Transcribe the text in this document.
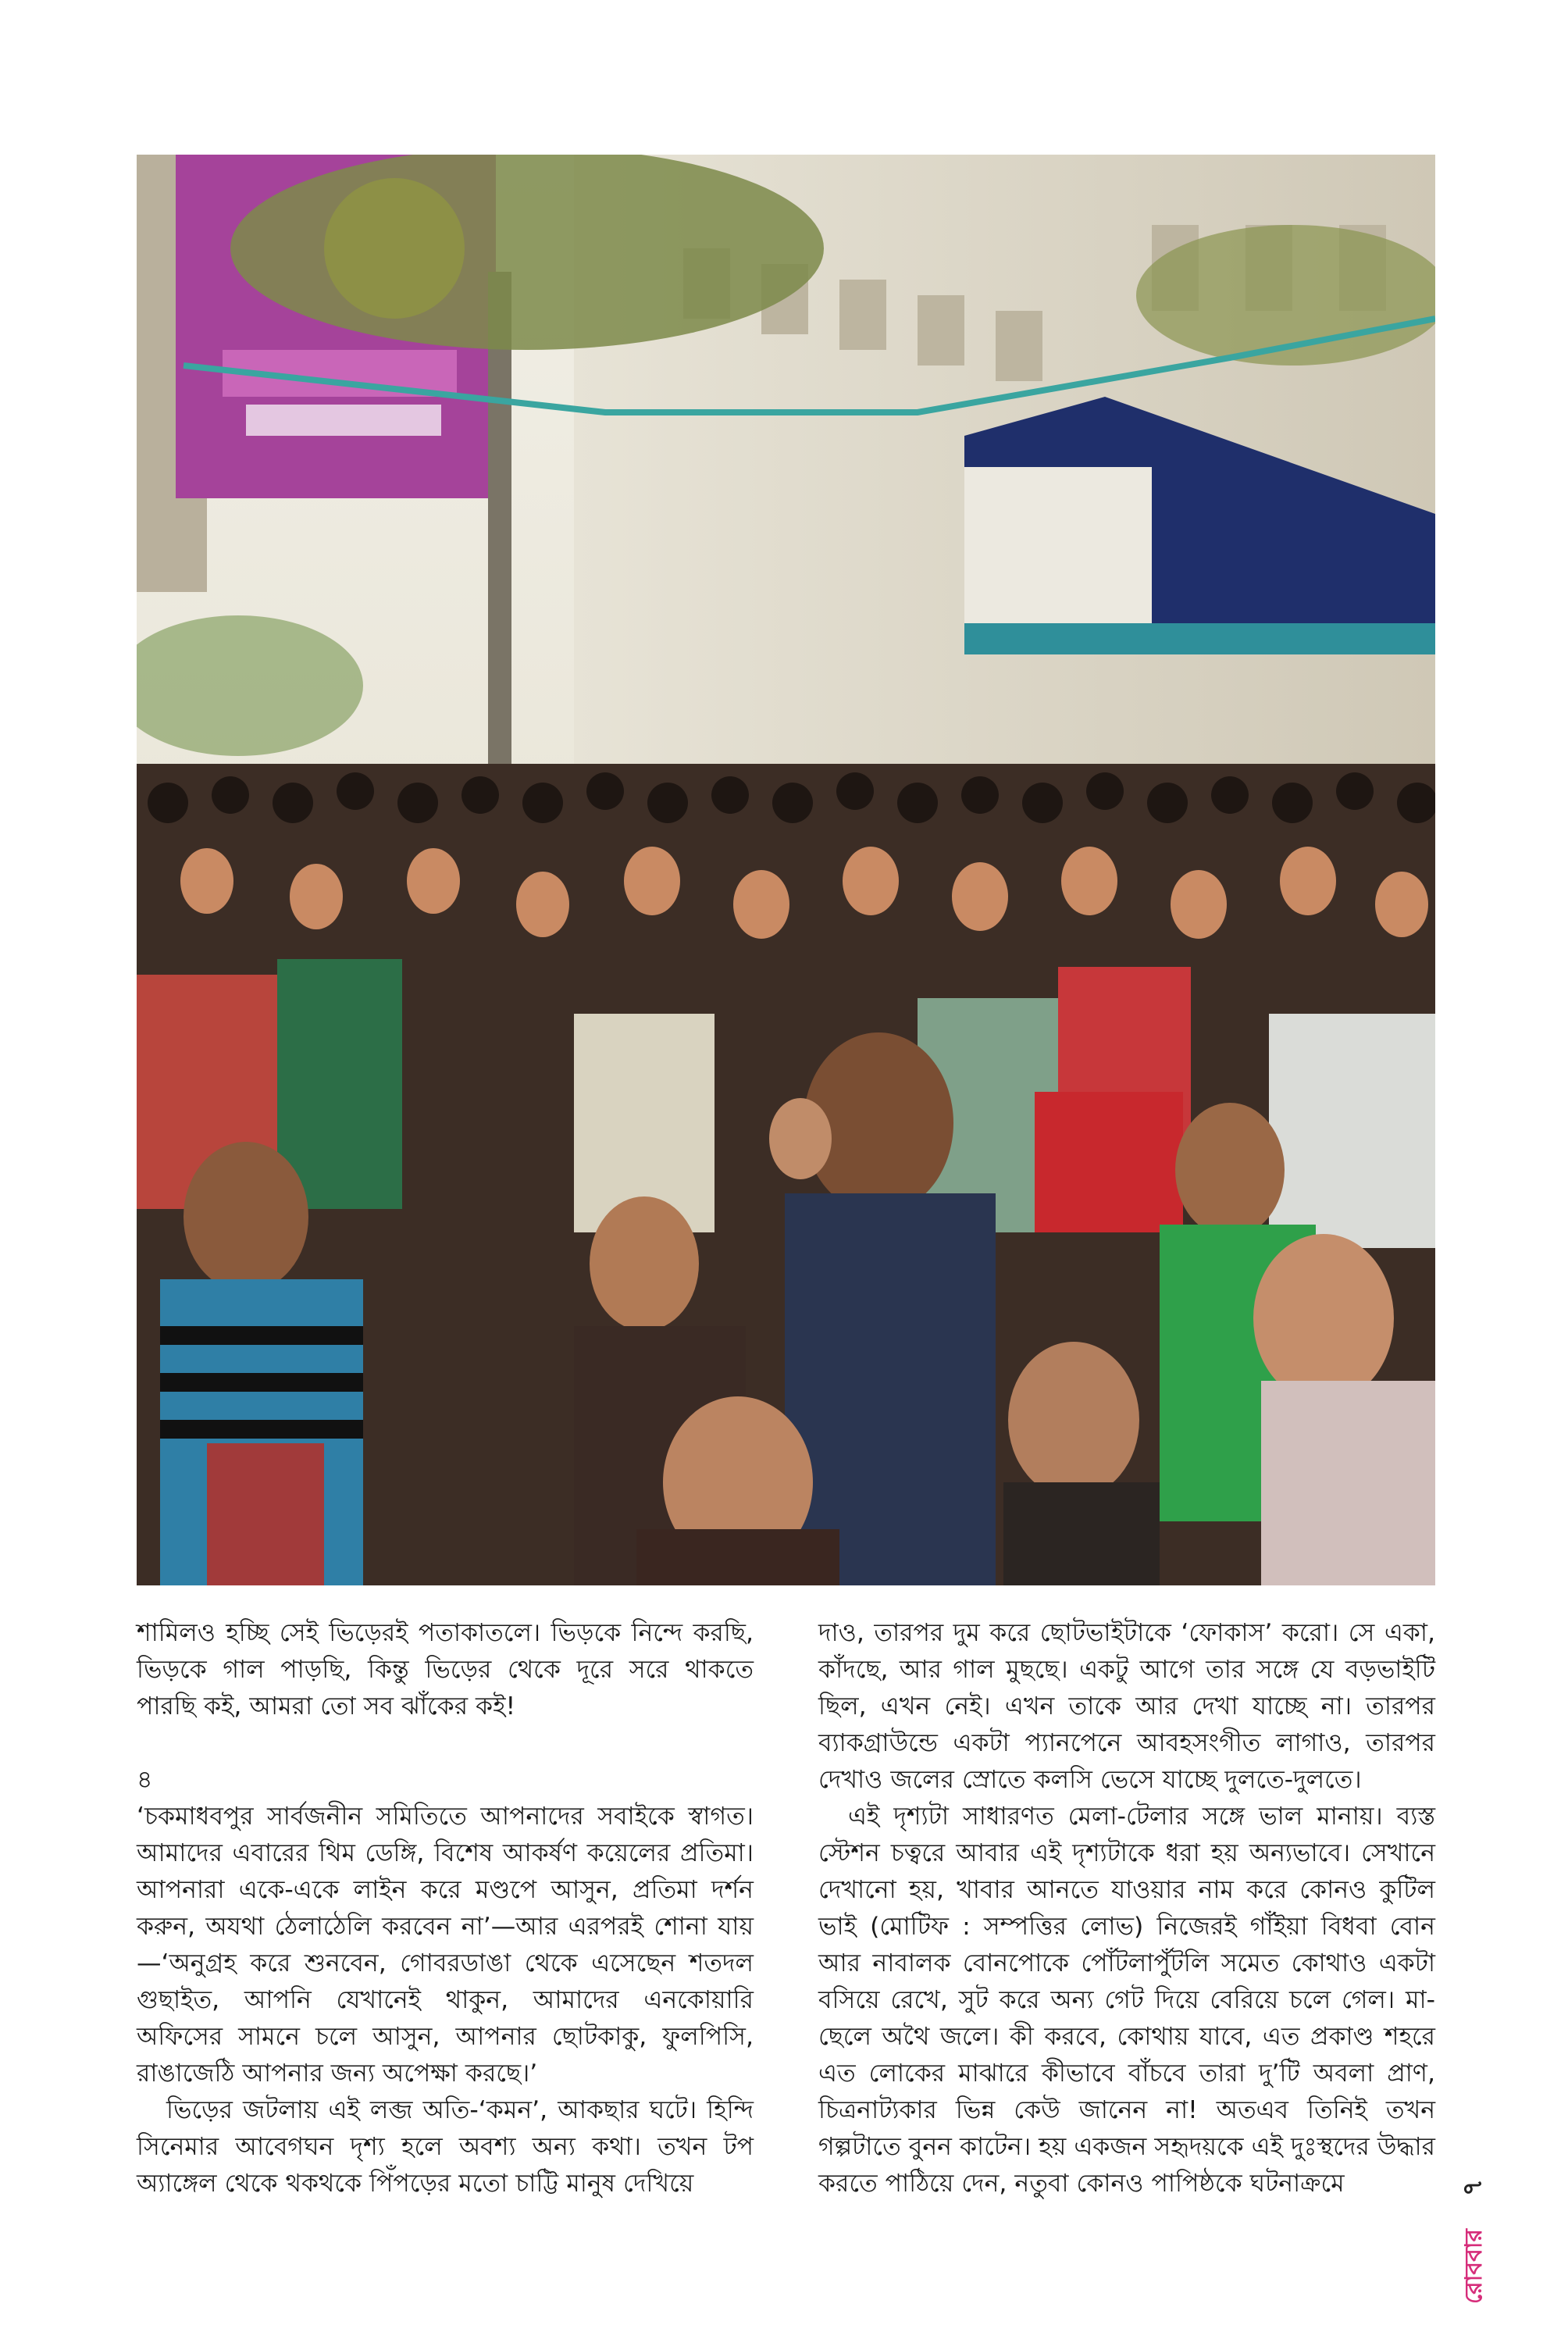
শামিলও হচ্ছি সেই ভিড়েরই পতাকাতলে। ভিড়কে নিন্দে করছি, ভিড়কে গাল পাড়ছি, কিন্তু ভিড়ের থেকে দূরে সরে থাকতে পারছি কই, আমরা তো সব ঝাঁকের কই!

৪

‘চকমাধবপুর সার্বজনীন সমিতিতে আপনাদের সবাইকে স্বাগত। আমাদের এবারের থিম ডেঙ্গি, বিশেষ আকর্ষণ কয়েলের প্রতিমা। আপনারা একে-একে লাইন করে মণ্ডপে আসুন, প্রতিমা দর্শন করুন, অযথা ঠেলাঠেলি করবেন না’—আর এরপরই শোনা যায়—‘অনুগ্রহ করে শুনবেন, গোবরডাঙা থেকে এসেছেন শতদল গুছাইত, আপনি যেখানেই থাকুন, আমাদের এনকোয়ারি অফিসের সামনে চলে আসুন, আপনার ছোটকাকু, ফুলপিসি, রাঙাজেঠি আপনার জন্য অপেক্ষা করছে।’

ভিড়ের জটলায় এই লব্জ অতি-‘কমন’, আকছার ঘটে। হিন্দি সিনেমার আবেগঘন দৃশ্য হলে অবশ্য অন্য কথা। তখন টপ অ্যাঙ্গেল থেকে থকথকে পিঁপড়ের মতো চাট্টি মানুষ দেখিয়ে

দাও, তারপর দুম করে ছোটভাইটাকে ‘ফোকাস’ করো। সে একা, কাঁদছে, আর গাল মুছছে। একটু আগে তার সঙ্গে যে বড়ভাইটি ছিল, এখন নেই। এখন তাকে আর দেখা যাচ্ছে না। তারপর ব্যাকগ্রাউন্ডে একটা প্যানপেনে আবহসংগীত লাগাও, তারপর দেখাও জলের স্রোতে কলসি ভেসে যাচ্ছে দুলতে-দুলতে।

এই দৃশ্যটা সাধারণত মেলা-টেলার সঙ্গে ভাল মানায়। ব্যস্ত স্টেশন চত্বরে আবার এই দৃশ্যটাকে ধরা হয় অন্যভাবে। সেখানে দেখানো হয়, খাবার আনতে যাওয়ার নাম করে কোনও কুটিল ভাই (মোটিফ : সম্পত্তির লোভ) নিজেরই গাঁইয়া বিধবা বোন আর নাবালক বোনপোকে পোঁটলাপুঁটলি সমেত কোথাও একটা বসিয়ে রেখে, সুট করে অন্য গেট দিয়ে বেরিয়ে চলে গেল। মা-ছেলে অথৈ জলে। কী করবে, কোথায় যাবে, এত প্রকাণ্ড শহরে এত লোকের মাঝারে কীভাবে বাঁচবে তারা দু’টি অবলা প্রাণ, চিত্রনাট্যকার ভিন্ন কেউ জানেন না! অতএব তিনিই তখন গল্পটাতে বুনন কাটেন। হয় একজন সহৃদয়কে এই দুঃস্থদের উদ্ধার করতে পাঠিয়ে দেন, নতুবা কোনও পাপিষ্ঠকে ঘটনাক্রমে

রোববার
৭
